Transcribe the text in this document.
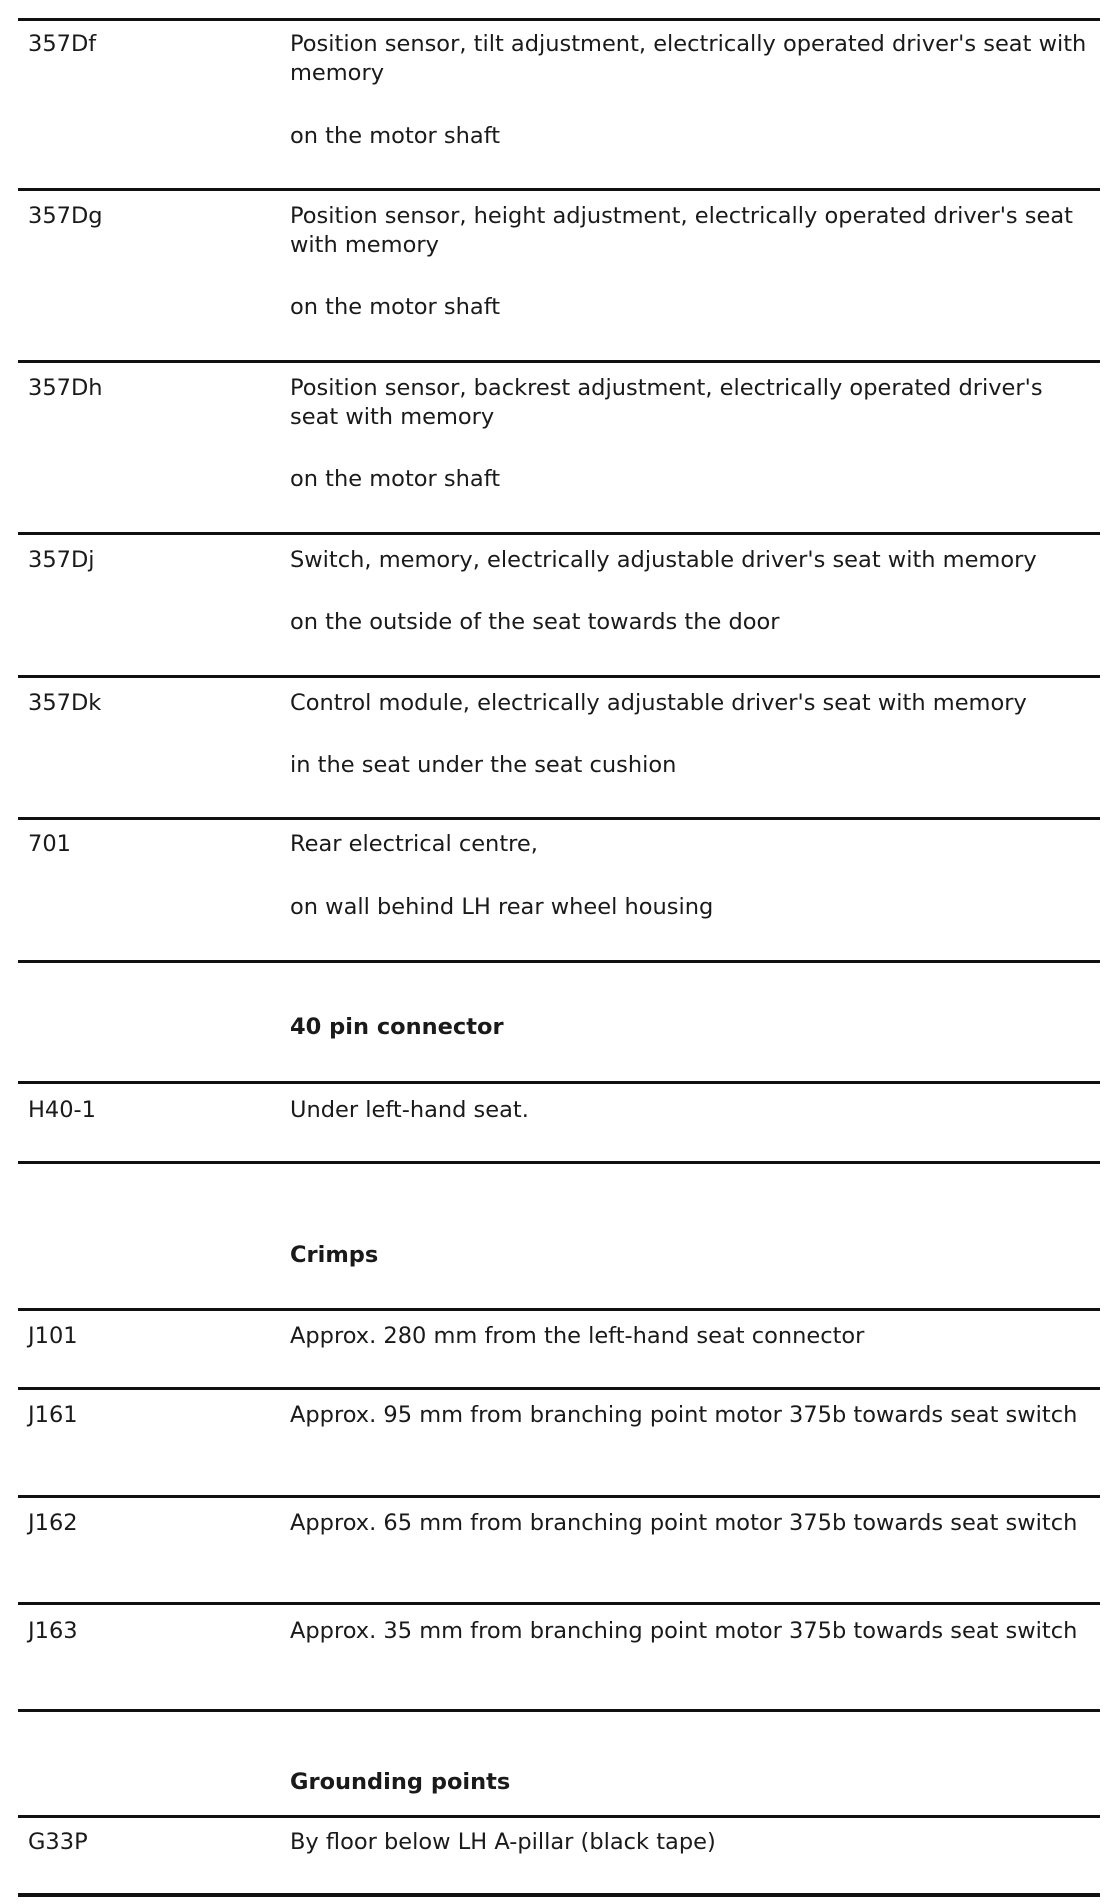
357Df	Position sensor, tilt adjustment, electrically operated driver's seat with memory
on the motor shaft
357Dg	Position sensor, height adjustment, electrically operated driver's seat with memory
on the motor shaft
357Dh	Position sensor, backrest adjustment, electrically operated driver's seat with memory
on the motor shaft
357Dj	Switch, memory, electrically adjustable driver's seat with memory
on the outside of the seat towards the door
357Dk	Control module, electrically adjustable driver's seat with memory
in the seat under the seat cushion
701	Rear electrical centre,
on wall behind LH rear wheel housing
40 pin connector
H40-1	Under left-hand seat.
Crimps
J101	Approx. 280 mm from the left-hand seat connector
J161	Approx. 95 mm from branching point motor 375b towards seat switch
J162	Approx. 65 mm from branching point motor 375b towards seat switch
J163	Approx. 35 mm from branching point motor 375b towards seat switch
Grounding points
G33P	By floor below LH A-pillar (black tape)
